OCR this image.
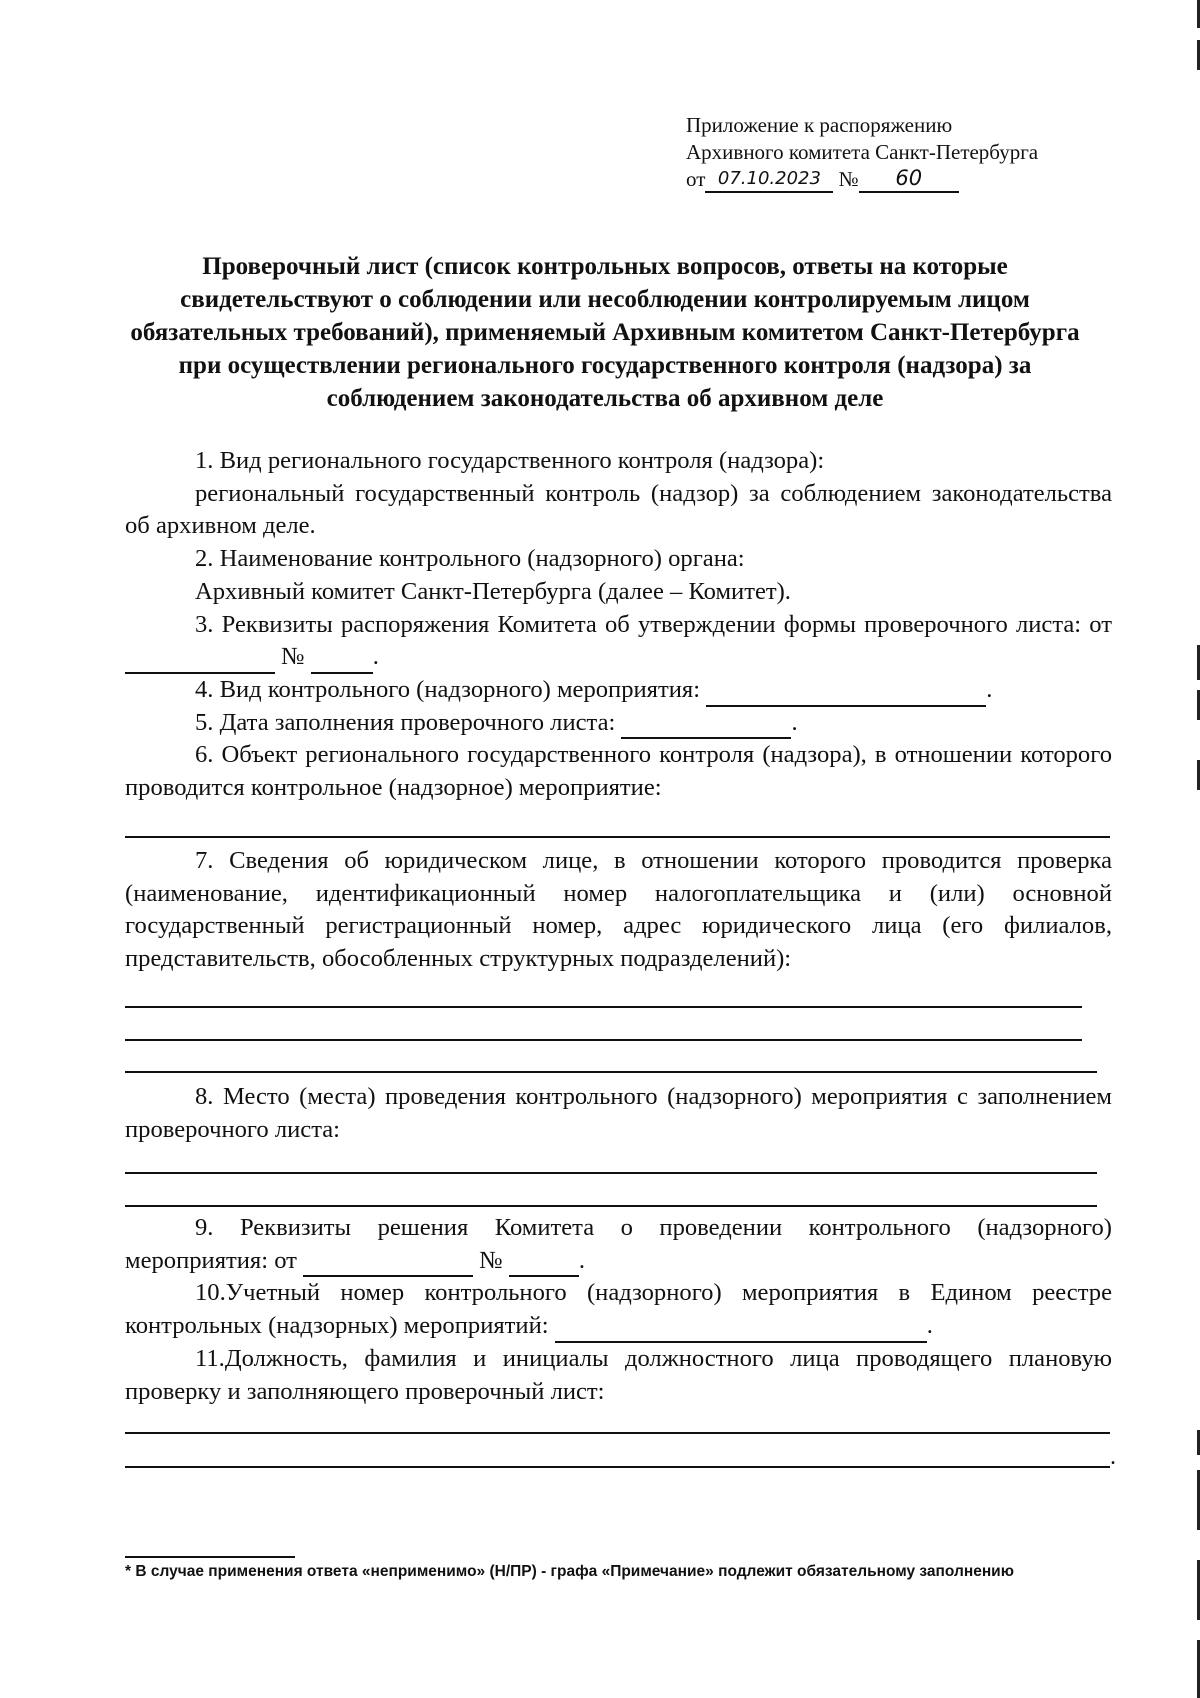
Приложение к распоряжению
Архивного комитета Санкт-Петербурга
от 07.10.2023 № 60
Проверочный лист (список контрольных вопросов, ответы на которые свидетельствуют о соблюдении или несоблюдении контролируемым лицом обязательных требований), применяемый Архивным комитетом Санкт-Петербурга при осуществлении регионального государственного контроля (надзора) за соблюдением законодательства об архивном деле

1. Вид регионального государственного контроля (надзора):

региональный государственный контроль (надзор) за соблюдением законодательства об архивном деле.

2. Наименование контрольного (надзорного) органа:

Архивный комитет Санкт-Петербурга (далее – Комитет).

3. Реквизиты распоряжения Комитета об утверждении формы проверочного листа: от  №	.

4. Вид контрольного (надзорного) мероприятия:	.

5. Дата заполнения проверочного листа:	.

6. Объект регионального государственного контроля (надзора), в отношении которого проводится контрольное (надзорное) мероприятие:

7. Сведения об юридическом лице, в отношении которого проводится проверка (наименование, идентификационный номер налогоплательщика и (или) основной государственный регистрационный номер, адрес юридического лица (его филиалов, представительств, обособленных структурных подразделений):

8. Место (места) проведения контрольного (надзорного) мероприятия с заполнением проверочного листа:

9. Реквизиты решения Комитета о проведении контрольного (надзорного) мероприятия: от	№	.

10.Учетный номер контрольного (надзорного) мероприятия в Едином реестре контрольных (надзорных) мероприятий:	.

11.Должность, фамилия и инициалы должностного лица проводящего плановую проверку и заполняющего проверочный лист:

.
* В случае применения ответа «неприменимо» (Н/ПР) - графа «Примечание» подлежит обязательному заполнению
